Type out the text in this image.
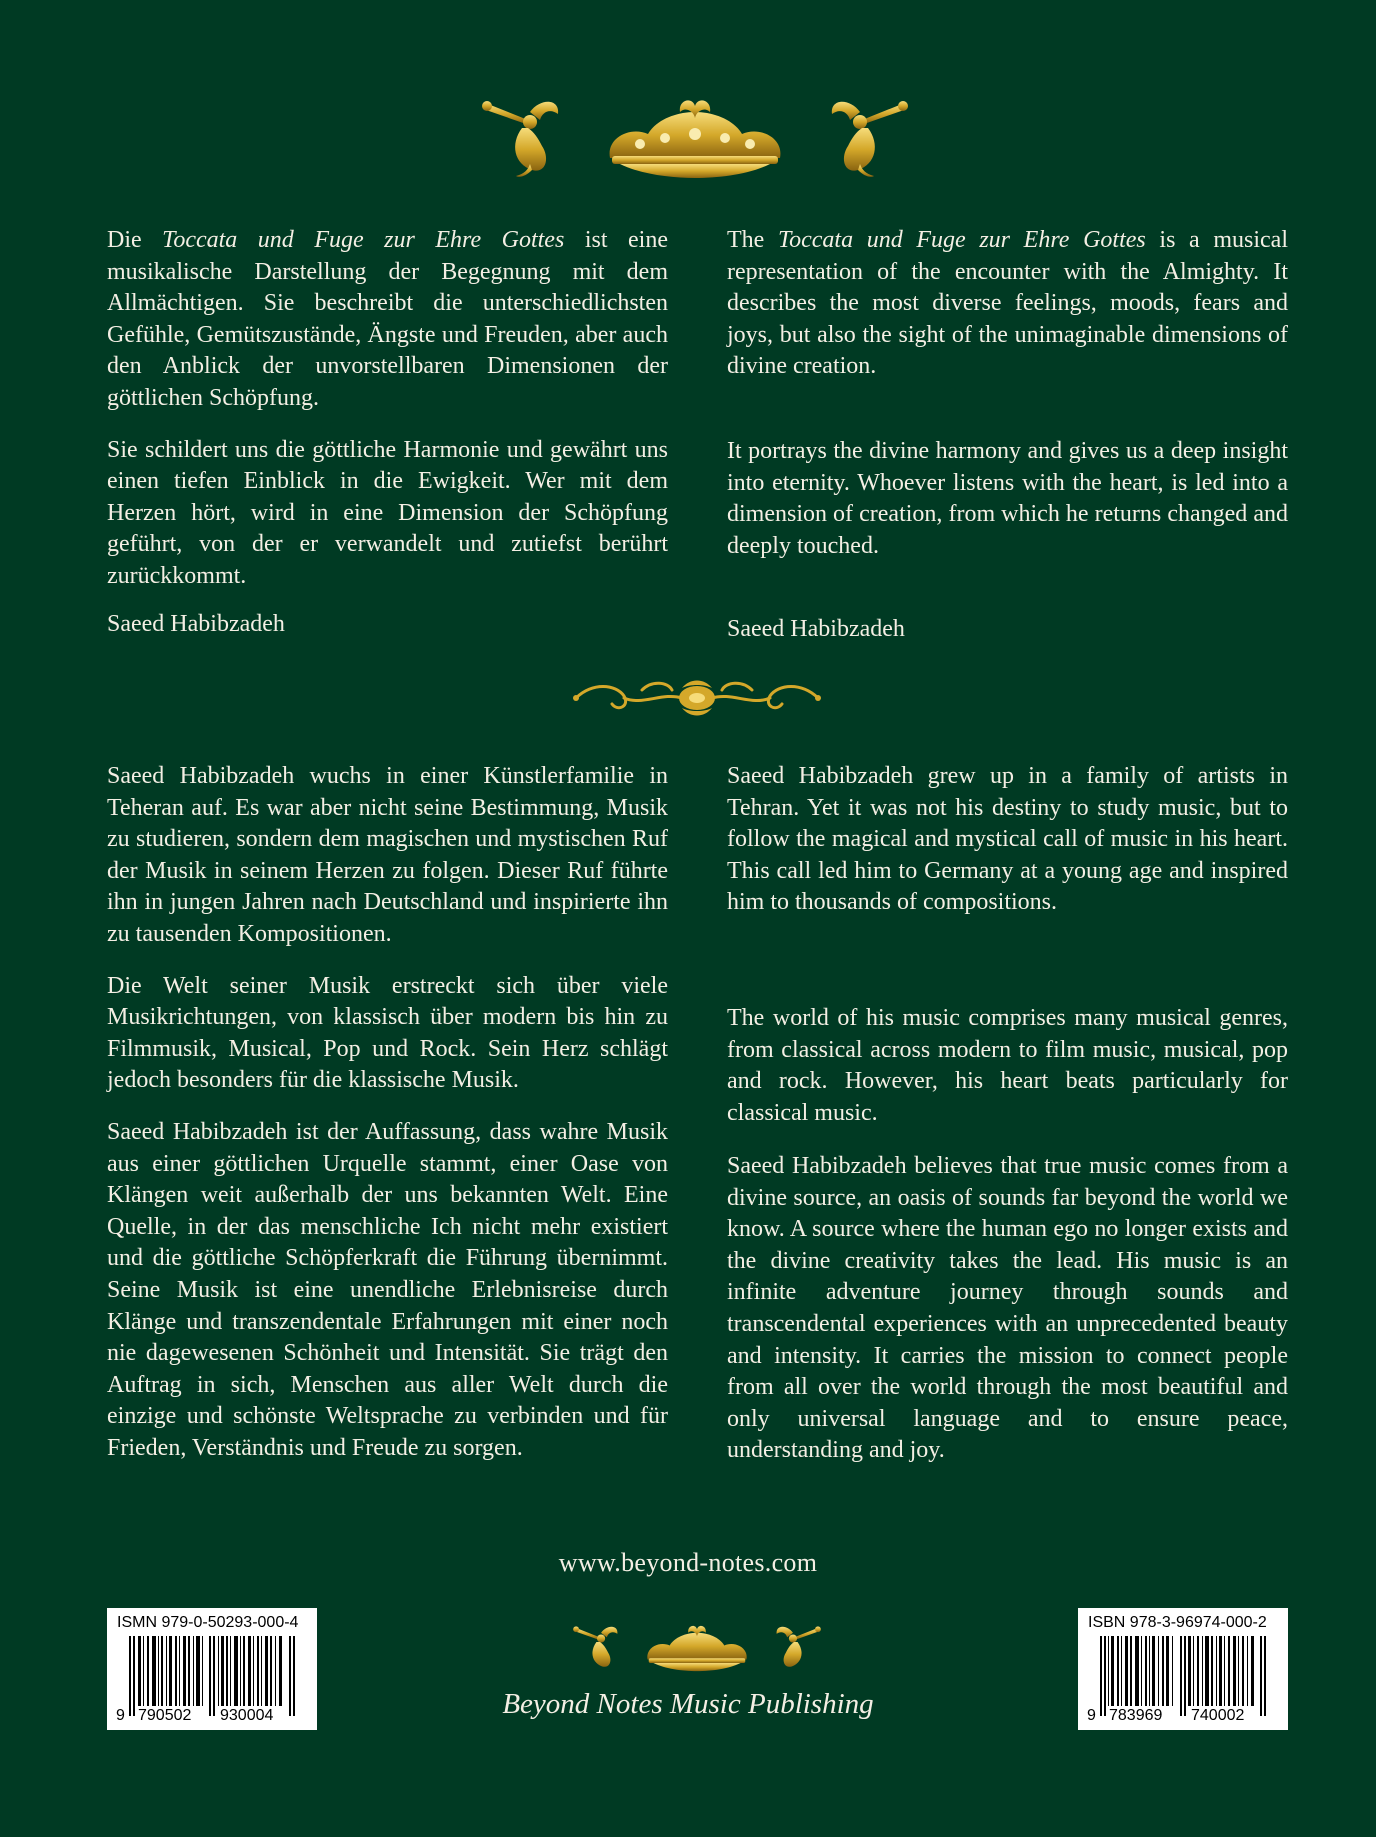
Die Toccata und Fuge zur Ehre Gottes ist eine musikalische Darstellung der Begegnung mit dem Allmächtigen. Sie beschreibt die unterschiedlichsten Gefühle, Gemütszustände, Ängste und Freuden, aber auch den Anblick der unvorstellbaren Dimensionen der göttlichen Schöpfung.

Sie schildert uns die göttliche Harmonie und gewährt uns einen tiefen Einblick in die Ewigkeit. Wer mit dem Herzen hört, wird in eine Dimension der Schöpfung geführt, von der er verwandelt und zutiefst berührt zurückkommt.

Saeed Habibzadeh

The Toccata und Fuge zur Ehre Gottes is a musical representation of the encounter with the Almighty. It describes the most diverse feelings, moods, fears and joys, but also the sight of the unimaginable dimensions of divine creation.

It portrays the divine harmony and gives us a deep insight into eternity. Whoever listens with the heart, is led into a dimension of creation, from which he returns changed and deeply touched.

Saeed Habibzadeh

Saeed Habibzadeh wuchs in einer Künstlerfamilie in Teheran auf. Es war aber nicht seine Bestimmung, Musik zu studieren, sondern dem magischen und mystischen Ruf der Musik in seinem Herzen zu folgen. Dieser Ruf führte ihn in jungen Jahren nach Deutschland und inspirierte ihn zu tausenden Kompositionen.

Die Welt seiner Musik erstreckt sich über viele Musikrichtungen, von klassisch über modern bis hin zu Filmmusik, Musical, Pop und Rock. Sein Herz schlägt jedoch besonders für die klassische Musik.

Saeed Habibzadeh ist der Auffassung, dass wahre Musik aus einer göttlichen Urquelle stammt, einer Oase von Klängen weit außerhalb der uns bekannten Welt. Eine Quelle, in der das menschliche Ich nicht mehr existiert und die göttliche Schöpferkraft die Führung übernimmt. Seine Musik ist eine unendliche Erlebnisreise durch Klänge und transzendentale Erfahrungen mit einer noch nie dagewesenen Schönheit und Intensität. Sie trägt den Auftrag in sich, Menschen aus aller Welt durch die einzige und schönste Weltsprache zu verbinden und für Frieden, Verständnis und Freude zu sorgen.

Saeed Habibzadeh grew up in a family of artists in Tehran. Yet it was not his destiny to study music, but to follow the magical and mystical call of music in his heart. This call led him to Germany at a young age and inspired him to thousands of compositions.

The world of his music comprises many musical genres, from classical across modern to film music, musical, pop and rock. However, his heart beats particularly for classical music.

Saeed Habibzadeh believes that true music comes from a divine source, an oasis of sounds far beyond the world we know. A source where the human ego no longer exists and the divine creativity takes the lead. His music is an infinite adventure journey through sounds and transcendental experiences with an unprecedented beauty and intensity. It carries the mission to connect people from all over the world through the most beautiful and only universal language and to ensure peace, understanding and joy.

www.beyond-notes.com
ISMN 979-0-50293-000-4
9 790502 930004	Beyond Notes Music Publishing
ISBN 978-3-96974-000-2
9 783969 740002
